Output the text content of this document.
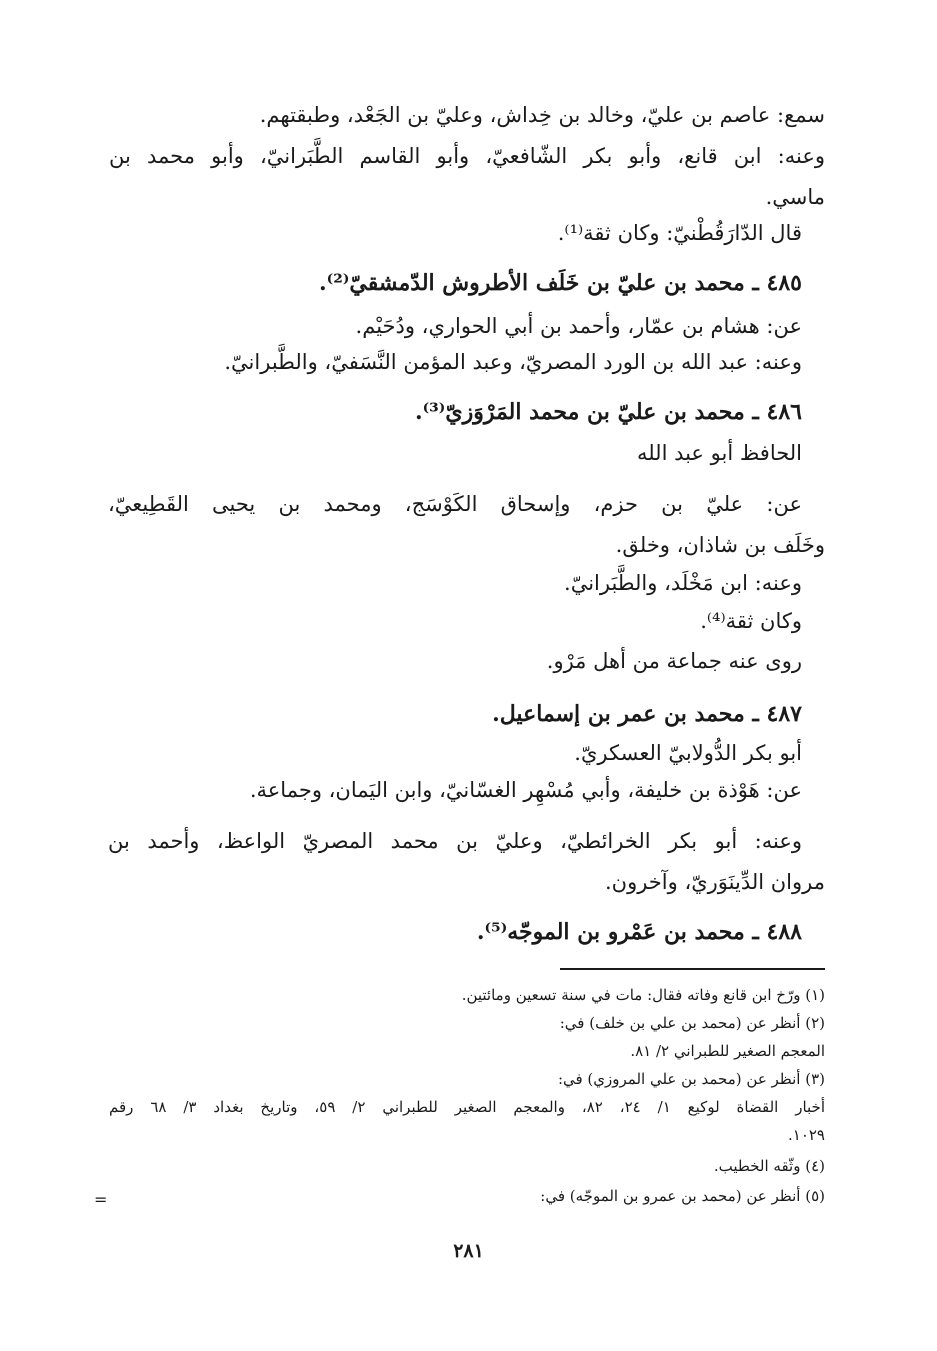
سمع: عاصم بن عليّ، وخالد بن خِداش، وعليّ بن الجَعْد، وطبقتهم.
وعنه: ابن قانع، وأبو بكر الشّافعيّ، وأبو القاسم الطَّبَرانيّ، وأبو محمد بن
ماسي.
قال الدّارَقُطْنيّ: وكان ثقة⁽¹⁾.
٤٨٥ ـ محمد بن عليّ بن خَلَف الأطروش الدّمشقيّ⁽²⁾.
عن: هشام بن عمّار، وأحمد بن أبي الحواري، ودُحَيْم.
وعنه: عبد الله بن الورد المصريّ، وعبد المؤمن النَّسَفيّ، والطَّبرانيّ.
٤٨٦ ـ محمد بن عليّ بن محمد المَرْوَزيّ⁽³⁾.
الحافظ أبو عبد الله
عن: عليّ بن حزم، وإسحاق الكَوْسَج، ومحمد بن يحيى القَطِيعيّ،
وخَلَف بن شاذان، وخلق.
وعنه: ابن مَخْلَد، والطَّبَرانيّ.
وكان ثقة⁽⁴⁾.
روى عنه جماعة من أهل مَرْو.
٤٨٧ ـ محمد بن عمر بن إسماعيل.
أبو بكر الدُّولابيّ العسكريّ.
عن: هَوْذة بن خليفة، وأبي مُسْهِر الغسّانيّ، وابن اليَمان، وجماعة.
وعنه: أبو بكر الخرائطيّ، وعليّ بن محمد المصريّ الواعظ، وأحمد بن
مروان الدِّينَوَريّ، وآخرون.
٤٨٨ ـ محمد بن عَمْرو بن الموجّه⁽⁵⁾.
(١) ورّخ ابن قانع وفاته فقال: مات في سنة تسعين ومائتين.
(٢) أنظر عن (محمد بن علي بن خلف) في:
المعجم الصغير للطبراني ٢/ ٨١.
(٣) أنظر عن (محمد بن علي المروزي) في:
أخبار القضاة لوكيع ١/ ٢٤، ٨٢، والمعجم الصغير للطبراني ٢/ ٥٩، وتاريخ بغداد ٣/ ٦٨ رقم
١٠٢٩.
(٤) وثّقه الخطيب.
(٥) أنظر عن (محمد بن عمرو بن الموجّه) في:
=
٢٨١
